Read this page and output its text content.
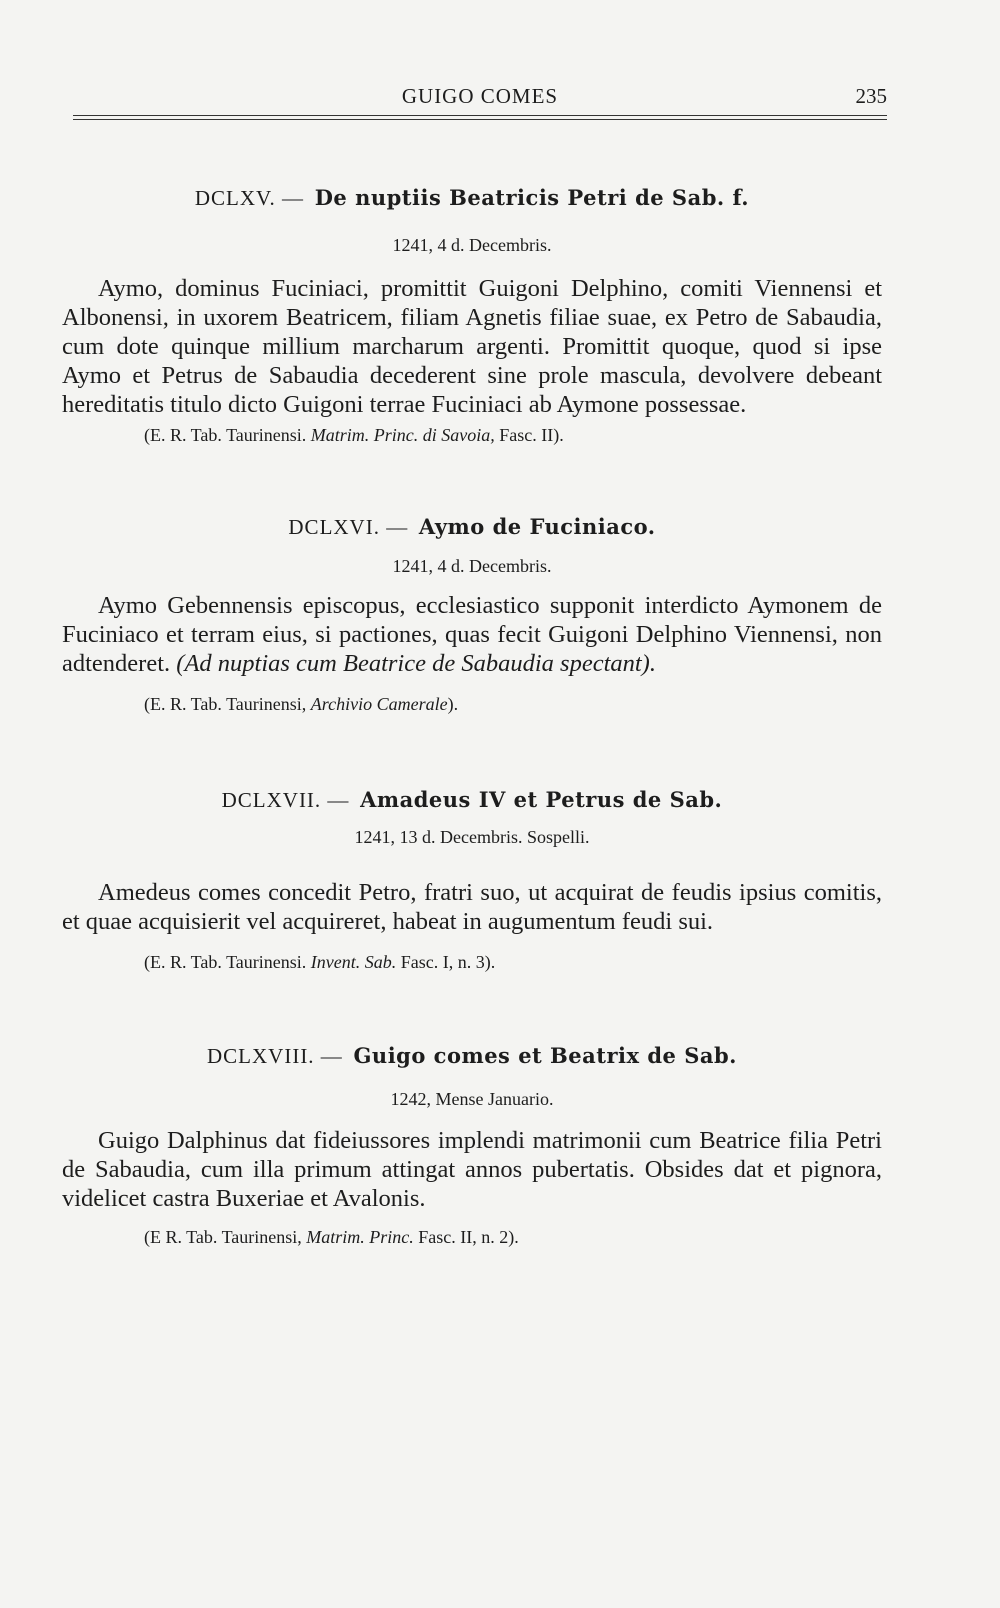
GUIGO COMES	235

DCLXV. — De nuptiis Beatricis Petri de Sab. f.

1241, 4 d. Decembris.

Aymo, dominus Fuciniaci, promittit Guigoni Delphino, comiti Viennensi et Albonensi, in uxorem Beatricem, filiam Agnetis filiae suae, ex Petro de Sabaudia, cum dote quinque millium marcharum argenti. Promittit quoque, quod si ipse Aymo et Petrus de Sabaudia decederent sine prole mascula, devolvere debeant hereditatis titulo dicto Guigoni terrae Fuciniaci ab Aymone possessae.

(E. R. Tab. Taurinensi. Matrim. Princ. di Savoia, Fasc. II).

DCLXVI. — Aymo de Fuciniaco.

1241, 4 d. Decembris.

Aymo Gebennensis episcopus, ecclesiastico supponit interdicto Aymonem de Fuciniaco et terram eius, si pactiones, quas fecit Guigoni Delphino Viennensi, non adtenderet. (Ad nuptias cum Beatrice de Sabaudia spectant).

(E. R. Tab. Taurinensi, Archivio Camerale).

DCLXVII. — Amadeus IV et Petrus de Sab.

1241, 13 d. Decembris. Sospelli.

Amedeus comes concedit Petro, fratri suo, ut acquirat de feudis ipsius comitis, et quae acquisierit vel acquireret, habeat in augumentum feudi sui.

(E. R. Tab. Taurinensi. Invent. Sab. Fasc. I, n. 3).

DCLXVIII. — Guigo comes et Beatrix de Sab.

1242, Mense Januario.

Guigo Dalphinus dat fideiussores implendi matrimonii cum Beatrice filia Petri de Sabaudia, cum illa primum attingat annos pubertatis. Obsides dat et pignora, videlicet castra Buxeriae et Avalonis.

(E R. Tab. Taurinensi, Matrim. Princ. Fasc. II, n. 2).
